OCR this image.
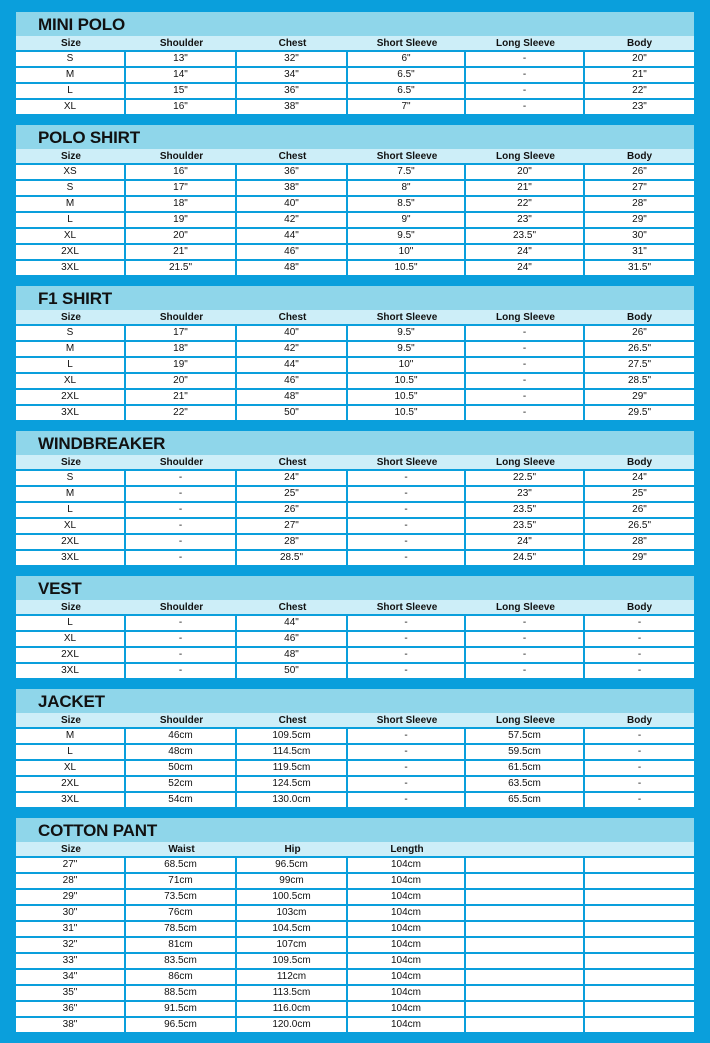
MINI POLO
Size	Shoulder	Chest	Short Sleeve	Long Sleeve	Body
S	13"	32"	6"	-	20"
M	14"	34"	6.5"	-	21"
L	15"	36"	6.5"	-	22"
XL	16"	38"	7"	-	23"
POLO SHIRT
Size	Shoulder	Chest	Short Sleeve	Long Sleeve	Body
XS	16"	36"	7.5"	20"	26"
S	17"	38"	8"	21"	27"
M	18"	40"	8.5"	22"	28"
L	19"	42"	9"	23"	29"
XL	20"	44"	9.5"	23.5"	30"
2XL	21"	46"	10"	24"	31"
3XL	21.5"	48"	10.5"	24"	31.5"
F1 SHIRT
Size	Shoulder	Chest	Short Sleeve	Long Sleeve	Body
S	17"	40"	9.5"	-	26"
M	18"	42"	9.5"	-	26.5"
L	19"	44"	10"	-	27.5"
XL	20"	46"	10.5"	-	28.5"
2XL	21"	48"	10.5"	-	29"
3XL	22"	50"	10.5"	-	29.5"
WINDBREAKER
Size	Shoulder	Chest	Short Sleeve	Long Sleeve	Body
S	-	24"	-	22.5"	24"
M	-	25"	-	23"	25"
L	-	26"	-	23.5"	26"
XL	-	27"	-	23.5"	26.5"
2XL	-	28"	-	24"	28"
3XL	-	28.5"	-	24.5"	29"
VEST
Size	Shoulder	Chest	Short Sleeve	Long Sleeve	Body
L	-	44"	-	-	-
XL	-	46"	-	-	-
2XL	-	48"	-	-	-
3XL	-	50"	-	-	-
JACKET
Size	Shoulder	Chest	Short Sleeve	Long Sleeve	Body
M	46cm	109.5cm	-	57.5cm	-
L	48cm	114.5cm	-	59.5cm	-
XL	50cm	119.5cm	-	61.5cm	-
2XL	52cm	124.5cm	-	63.5cm	-
3XL	54cm	130.0cm	-	65.5cm	-
COTTON PANT
Size	Waist	Hip	Length
27"	68.5cm	96.5cm	104cm
28"	71cm	99cm	104cm
29"	73.5cm	100.5cm	104cm
30"	76cm	103cm	104cm
31"	78.5cm	104.5cm	104cm
32"	81cm	107cm	104cm
33"	83.5cm	109.5cm	104cm
34"	86cm	112cm	104cm
35"	88.5cm	113.5cm	104cm
36"	91.5cm	116.0cm	104cm
38"	96.5cm	120.0cm	104cm
